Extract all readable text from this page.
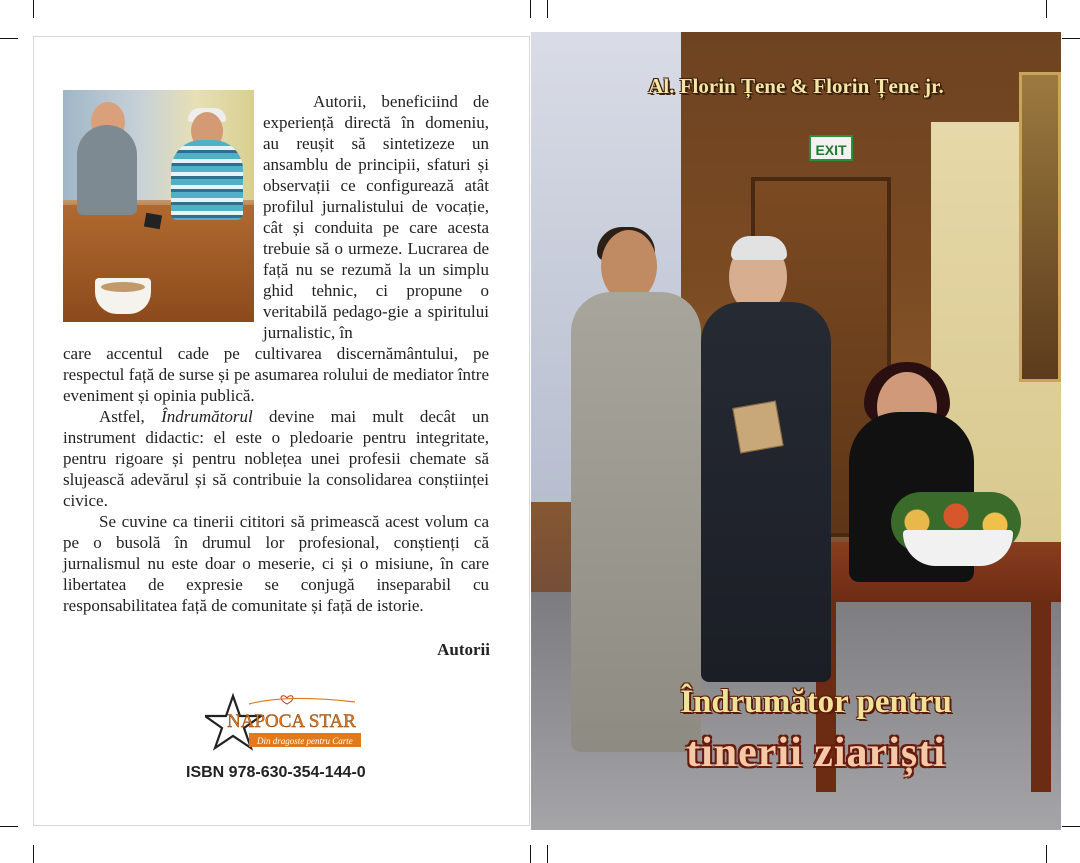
Autorii, beneficiind de experiență directă în domeniu, au reușit să sintetizeze un ansamblu de principii, sfaturi și observații ce configurează atât profilul jurnalistului de vocație, cât și conduita pe care acesta trebuie să o urmeze. Lucrarea de față nu se rezumă la un simplu ghid tehnic, ci propune o veritabilă pedago-gie a spiritului jurnalistic, în

care accentul cade pe cultivarea discernământului, pe respectul față de surse și pe asumarea rolului de mediator între eveniment și opinia publică.

Astfel, Îndrumătorul devine mai mult decât un instrument didactic: el este o pledoarie pentru integritate, pentru rigoare și pentru noblețea unei profesii chemate să slujească adevărul și să contribuie la consolidarea conștiinței civice.

Se cuvine ca tinerii cititori să primească acest volum ca pe o busolă în drumul lor profesional, conștienți că jurnalismul nu este doar o meserie, ci și o misiune, în care libertatea de expresie se conjugă inseparabil cu responsabilitatea față de comunitate și față de istorie.

Autorii
NAPOCA STAR
Din dragoste pentru Carte
ISBN 978-630-354-144-0
EXIT
Al. Florin Țene & Florin Țene jr.
Îndrumător pentru
tinerii ziariști
